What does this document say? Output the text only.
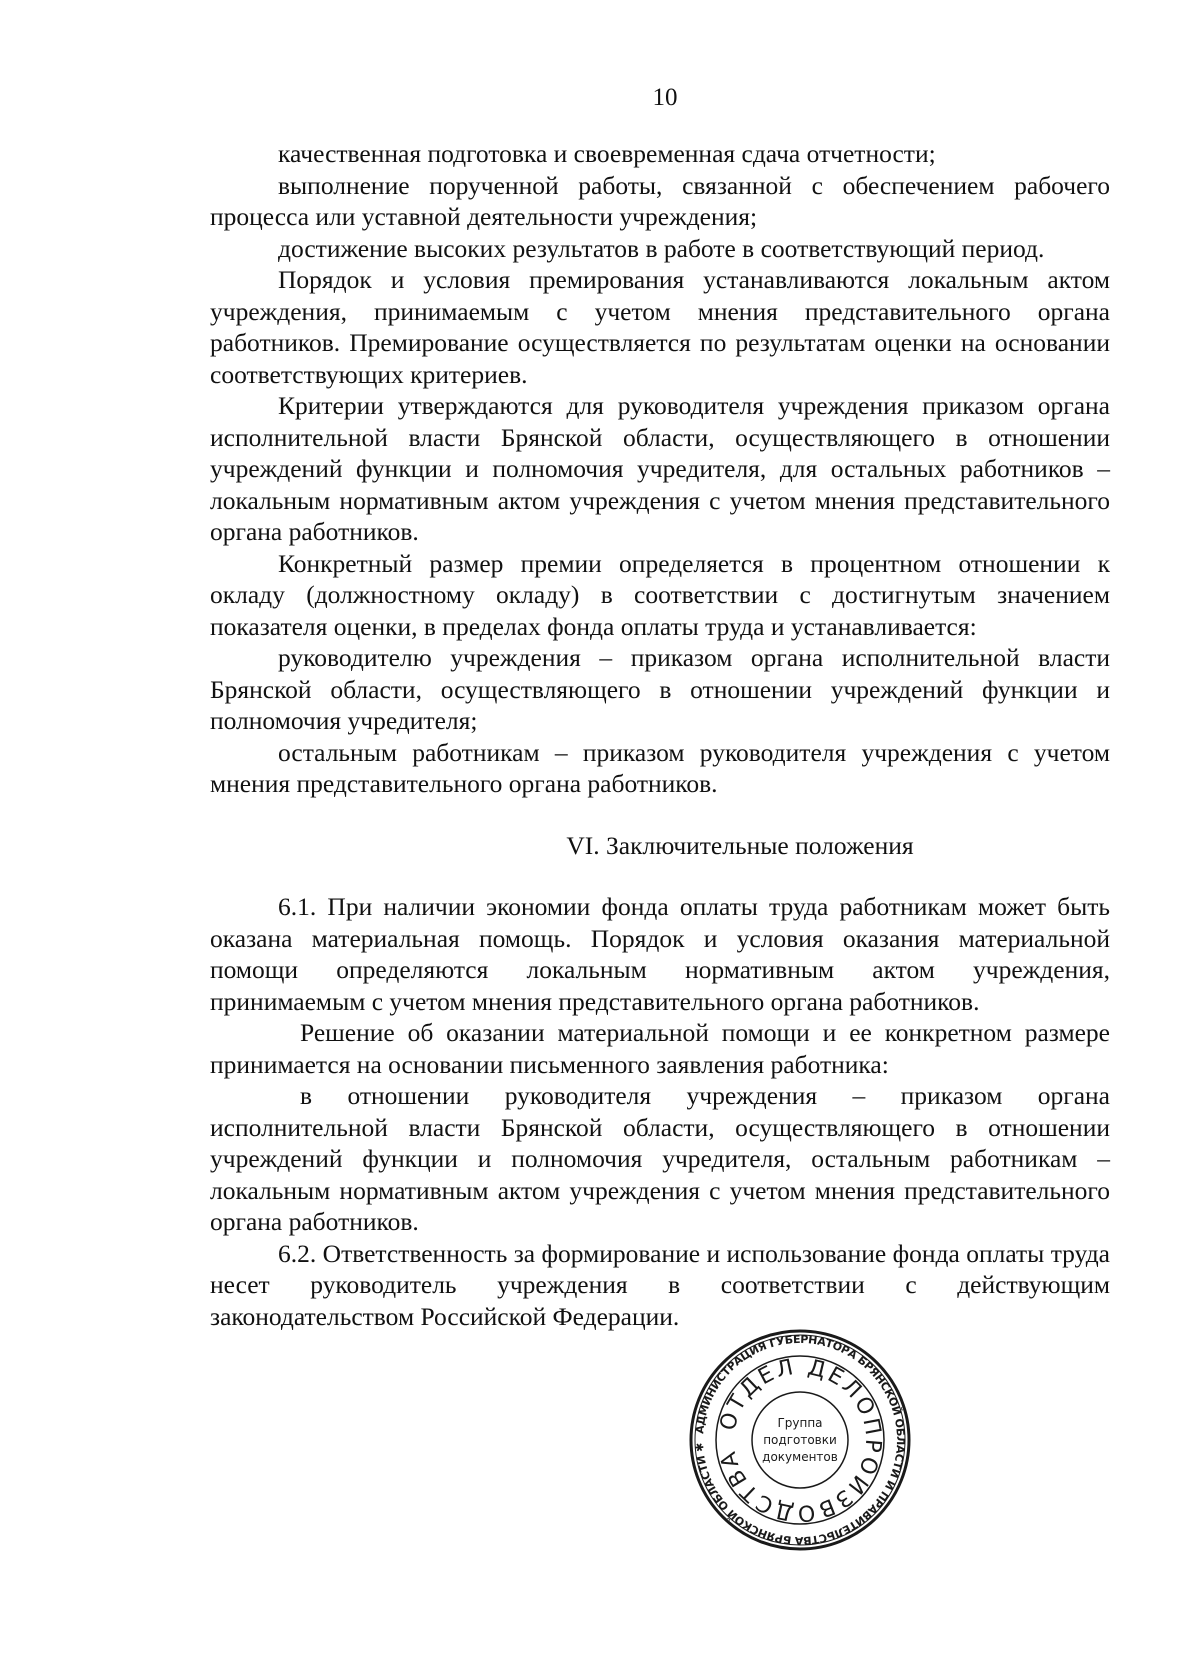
10

качественная подготовка и своевременная сдача отчетности;

выполнение порученной работы, связанной с обеспечением рабочего процесса или уставной деятельности учреждения;

достижение высоких результатов в работе в соответствующий период.

Порядок и условия премирования устанавливаются локальным актом учреждения, принимаемым с учетом мнения представительного органа работников. Премирование осуществляется по результатам оценки на основании соответствующих критериев.

Критерии утверждаются для руководителя учреждения приказом органа исполнительной власти Брянской области, осуществляющего в отношении учреждений функции и полномочия учредителя, для остальных работников – локальным нормативным актом учреждения с учетом мнения представительного органа работников.

Конкретный размер премии определяется в процентном отношении к окладу (должностному окладу) в соответствии с достигнутым значением показателя оценки, в пределах фонда оплаты труда и устанавливается:

руководителю учреждения – приказом органа исполнительной власти Брянской области, осуществляющего в отношении учреждений функции и полномочия учредителя;

остальным работникам – приказом руководителя учреждения с учетом мнения представительного органа работников.

VI. Заключительные положения

6.1. При наличии экономии фонда оплаты труда работникам может быть оказана материальная помощь. Порядок и условия оказания материальной помощи определяются локальным нормативным актом учреждения, принимаемым с учетом мнения представительного органа работников.

Решение об оказании материальной помощи и ее конкретном размере принимается на основании письменного заявления работника:

в отношении руководителя учреждения – приказом органа исполнительной власти Брянской области, осуществляющего в отношении учреждений функции и полномочия учредителя, остальным работникам – локальным нормативным актом учреждения с учетом мнения представительного органа работников.

6.2. Ответственность за формирование и использование фонда оплаты труда несет руководитель учреждения в соответствии с действующим законодательством Российской Федерации.

АДМИНИСТРАЦИЯ ГУБЕРНАТОРА БРЯНСКОЙ ОБЛАСТИ И ПРАВИТЕЛЬСТВА БРЯНСКОЙ ОБЛАСТИ ✱
ОТДЕЛ ДЕЛОПРОИЗВОДСТВА
Группа
подготовки
документов
